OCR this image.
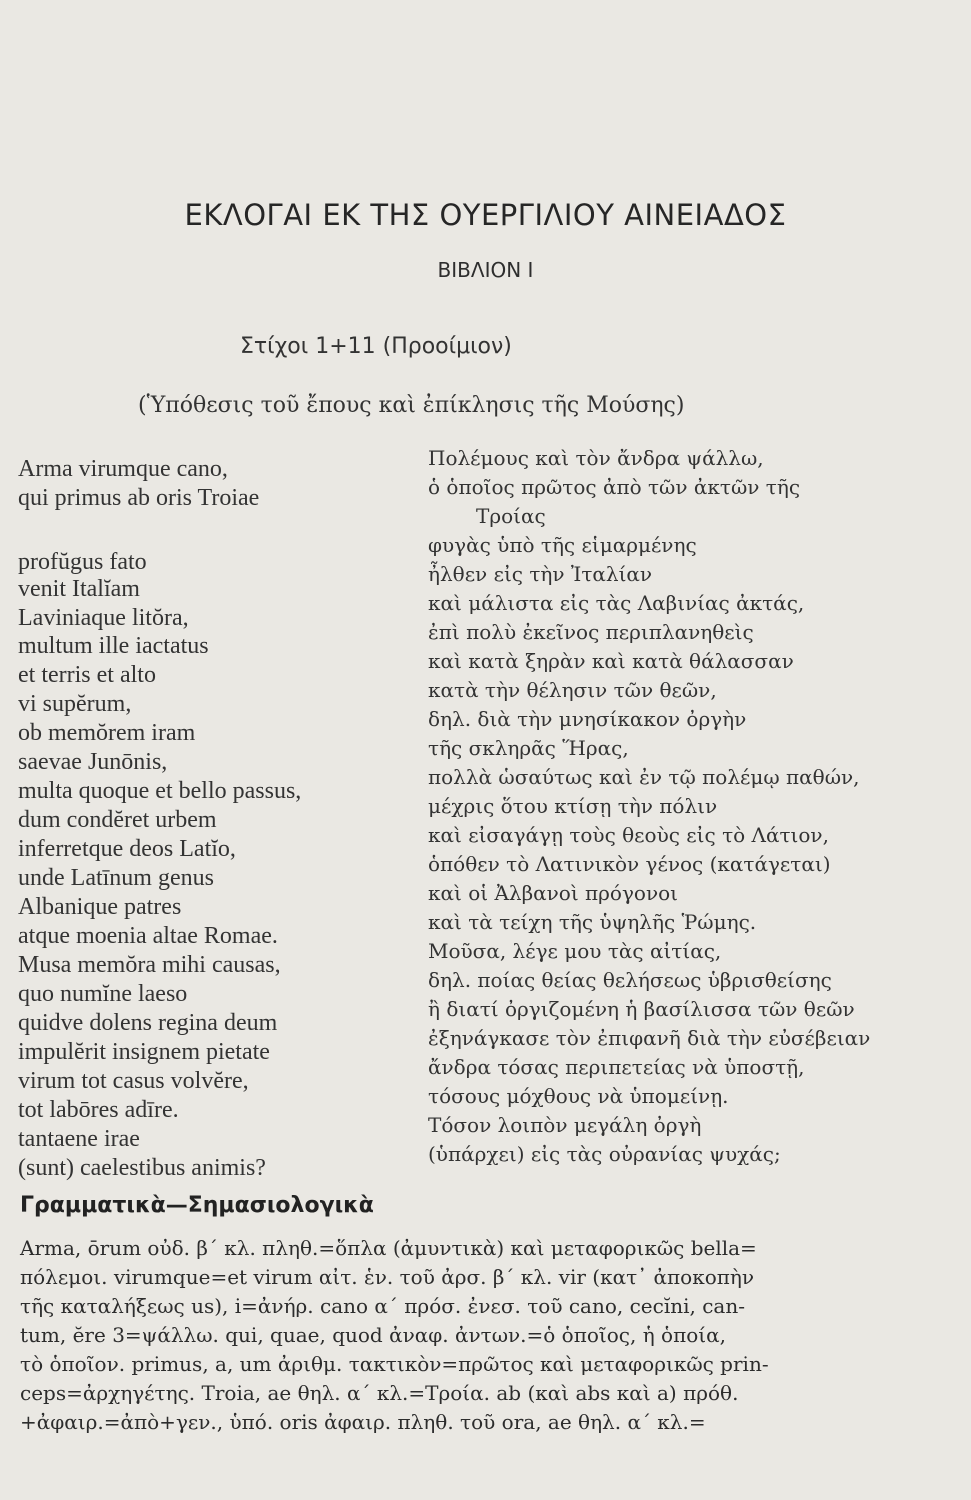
ΕΚΛΟΓΑΙ ΕΚ ΤΗΣ ΟΥΕΡΓΙΛΙΟΥ ΑΙΝΕΙΑΔΟΣ
ΒΙΒΛΙΟΝ Ι
Στίχοι 1+11 (Προοίμιον)
(Ὑπόθεσις τοῦ ἔπους καὶ ἐπίκλησις τῆς Μούσης)
Arma virumque cano,
qui primus ab oris Troiae
profŭgus fato
venit Italĭam
Laviniaque litŏra,
multum ille iactatus
et terris et alto
vi supĕrum,
ob memŏrem iram
saevae Junōnis,
multa quoque et bello passus,
dum condĕret urbem
inferretque deos Latĭo,
unde Latīnum genus
Albanique patres
atque moenia altae Romae.
Musa memŏra mihi causas,
quo numĭne laeso
quidve dolens regina deum
impulĕrit insignem pietate
virum tot casus volvĕre,
tot labōres adīre.
tantaene irae
(sunt) caelestibus animis?
Πολέμους καὶ τὸν ἄνδρα ψάλλω,
ὁ ὁποῖος πρῶτος ἀπὸ τῶν ἀκτῶν τῆς
Τροίας
φυγὰς ὑπὸ τῆς εἱμαρμένης
ἦλθεν εἰς τὴν Ἰταλίαν
καὶ μάλιστα εἰς τὰς Λαβινίας ἀκτάς,
ἐπὶ πολὺ ἐκεῖνος περιπλανηθεὶς
καὶ κατὰ ξηρὰν καὶ κατὰ θάλασσαν
κατὰ τὴν θέλησιν τῶν θεῶν,
δηλ. διὰ τὴν μνησίκακον ὀργὴν
τῆς σκληρᾶς Ἥρας,
πολλὰ ὡσαύτως καὶ ἐν τῷ πολέμῳ παθών,
μέχρις ὅτου κτίσῃ τὴν πόλιν
καὶ εἰσαγάγῃ τοὺς θεοὺς εἰς τὸ Λάτιον,
ὁπόθεν τὸ Λατινικὸν γένος (κατάγεται)
καὶ οἱ Ἀλβανοὶ πρόγονοι
καὶ τὰ τείχη τῆς ὑψηλῆς Ῥώμης.
Μοῦσα, λέγε μου τὰς αἰτίας,
δηλ. ποίας θείας θελήσεως ὑβρισθείσης
ἢ διατί ὀργιζομένη ἡ βασίλισσα τῶν θεῶν
ἐξηνάγκασε τὸν ἐπιφανῆ διὰ τὴν εὐσέβειαν
ἄνδρα τόσας περιπετείας νὰ ὑποστῇ,
τόσους μόχθους νὰ ὑπομείνῃ.
Τόσον λοιπὸν μεγάλη ὀργὴ
(ὑπάρχει) εἰς τὰς οὐρανίας ψυχάς;
Γραμματικὰ—Σημασιολογικὰ
Arma, ōrum οὐδ. β΄ κλ. πληθ.=ὅπλα (ἀμυντικὰ) καὶ μεταφορικῶς bella=
πόλεμοι. virumque=et virum αἰτ. ἑν. τοῦ ἀρσ. β΄ κλ. vir (κατ᾿ ἀποκοπὴν
τῆς καταλήξεως us), i=ἀνήρ. cano α΄ πρόσ. ἐνεσ. τοῦ cano, cecĭni, can-
tum, ĕre 3=ψάλλω. qui, quae, quod ἀναφ. ἀντων.=ὁ ὁποῖος, ἡ ὁποία,
τὸ ὁποῖον. primus, a, um ἀριθμ. τακτικὸν=πρῶτος καὶ μεταφορικῶς prin-
ceps=ἀρχηγέτης. Troia, ae θηλ. α΄ κλ.=Τροία. ab (καὶ abs καὶ a) πρόθ.
+ἀφαιρ.=ἀπὸ+γεν., ὑπό. oris ἀφαιρ. πληθ. τοῦ ora, ae θηλ. α΄ κλ.=
